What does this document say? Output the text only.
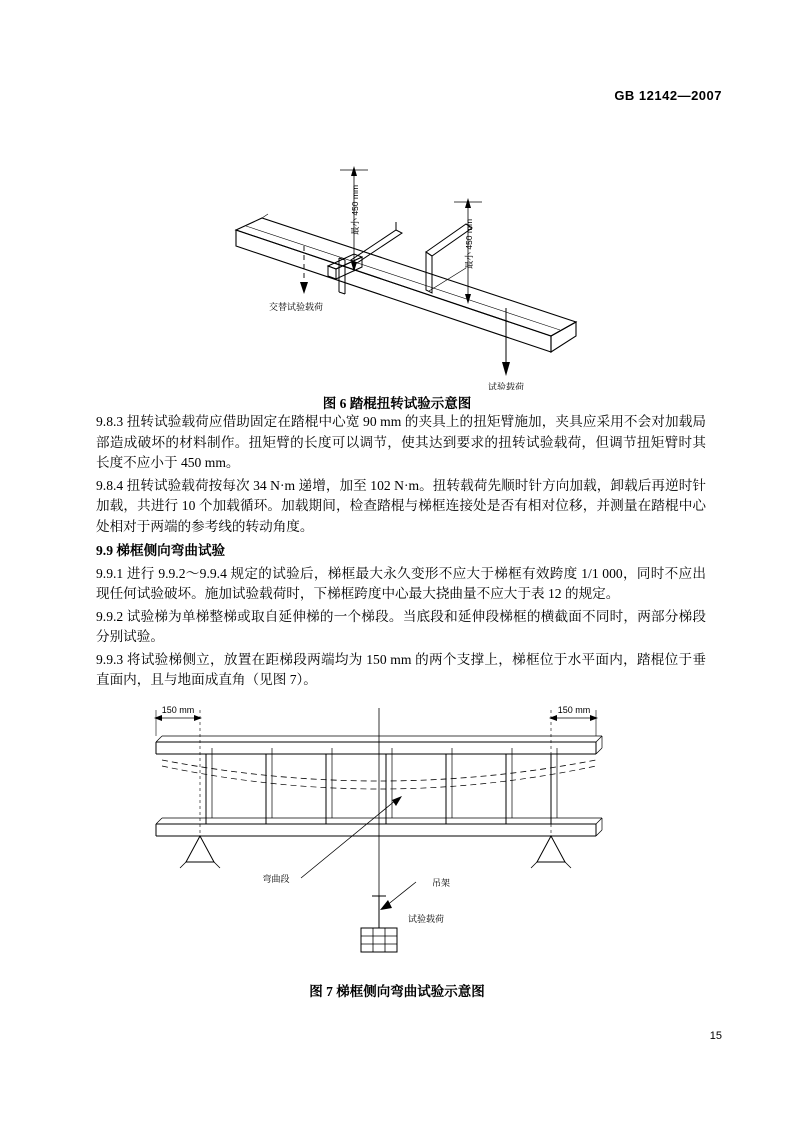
GB 12142—2007
最小 450 mm
最小 450 mm
交替试验载荷
试验载荷
图 6 踏棍扭转试验示意图

9.8.3 扭转试验载荷应借助固定在踏棍中心宽 90 mm 的夹具上的扭矩臂施加，夹具应采用不会对加载局部造成破坏的材料制作。扭矩臂的长度可以调节，使其达到要求的扭转试验载荷，但调节扭矩臂时其长度不应小于 450 mm。

9.8.4 扭转试验载荷按每次 34 N·m 递增，加至 102 N·m。扭转载荷先顺时针方向加载，卸载后再逆时针加载，共进行 10 个加载循环。加载期间，检查踏棍与梯框连接处是否有相对位移，并测量在踏棍中心处相对于两端的参考线的转动角度。

9.9 梯框侧向弯曲试验

9.9.1 进行 9.9.2～9.9.4 规定的试验后，梯框最大永久变形不应大于梯框有效跨度 1/1 000，同时不应出现任何试验破坏。施加试验载荷时，下梯框跨度中心最大挠曲量不应大于表 12 的规定。

9.9.2 试验梯为单梯整梯或取自延伸梯的一个梯段。当底段和延伸段梯框的横截面不同时，两部分梯段分别试验。

9.9.3 将试验梯侧立，放置在距梯段两端均为 150 mm 的两个支撑上，梯框位于水平面内，踏棍位于垂直面内，且与地面成直角（见图 7）。

150 mm	150 mm
弯曲段	吊架
试验载荷
图 7 梯框侧向弯曲试验示意图
15
